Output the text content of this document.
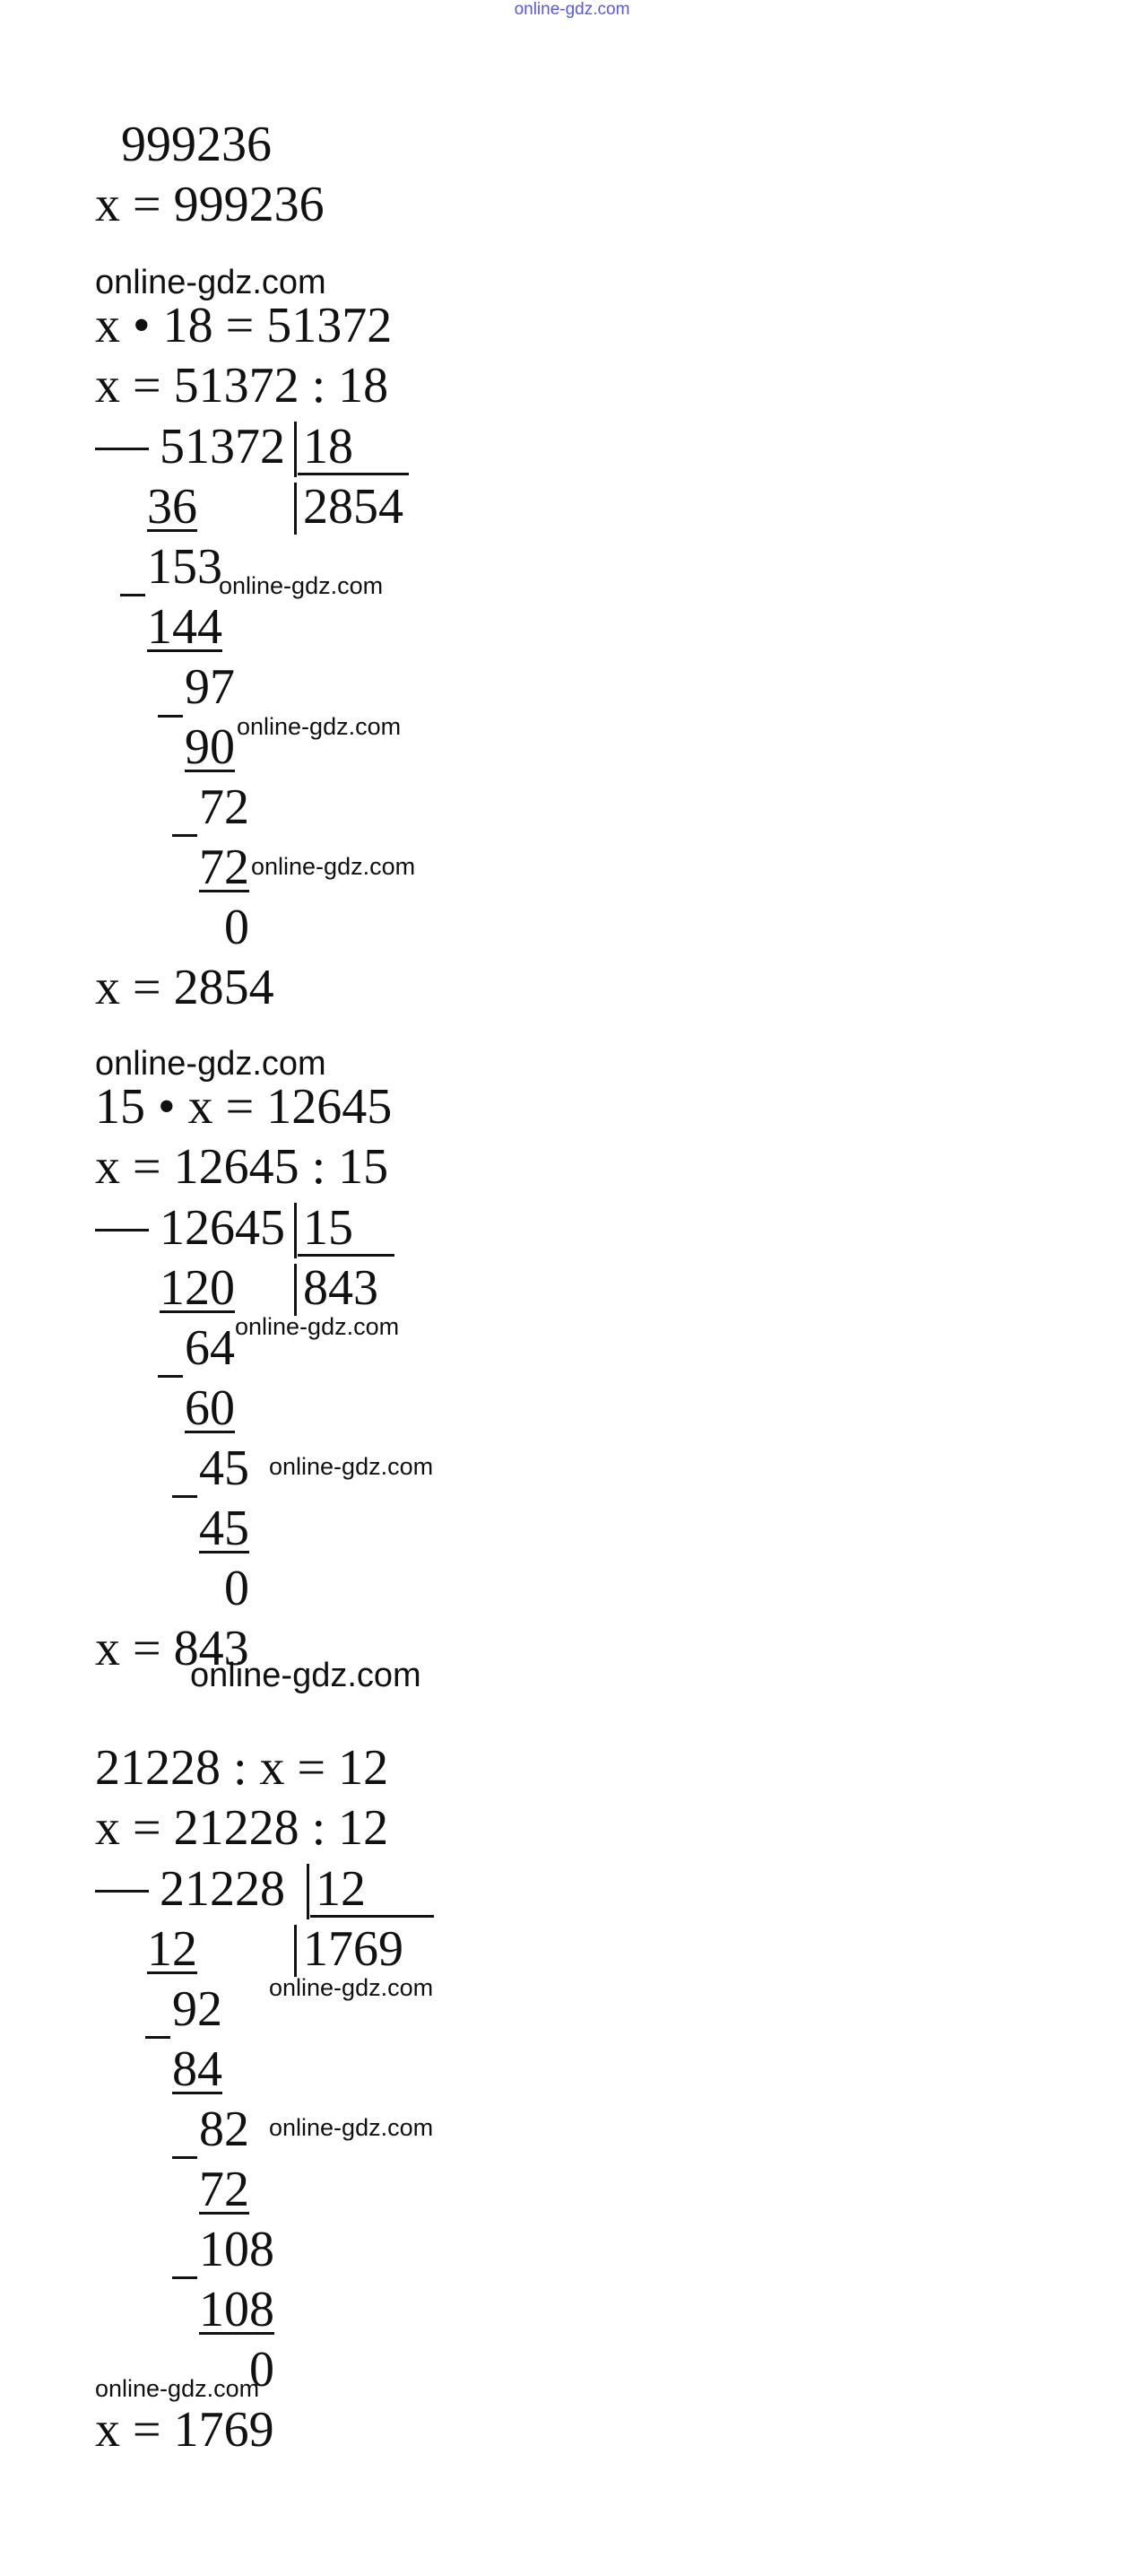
online-gdz.com
999236
x = 999236
online-gdz.com
x • 18 = 51372
x = 51372 : 18
51372 18
2854
36
153
144
97
90
72
72
0
online-gdz.com
online-gdz.com
online-gdz.com
x = 2854
online-gdz.com
15 • x = 12645
x = 12645 : 15
12645 15
843
120
64
60
45
45
0
online-gdz.com
online-gdz.com
x = 843
online-gdz.com
21228 : x = 12
x = 21228 : 12
21228 12
1769
12
92
84
82
72
108
108
0
online-gdz.com
online-gdz.com
online-gdz.com
x = 1769
